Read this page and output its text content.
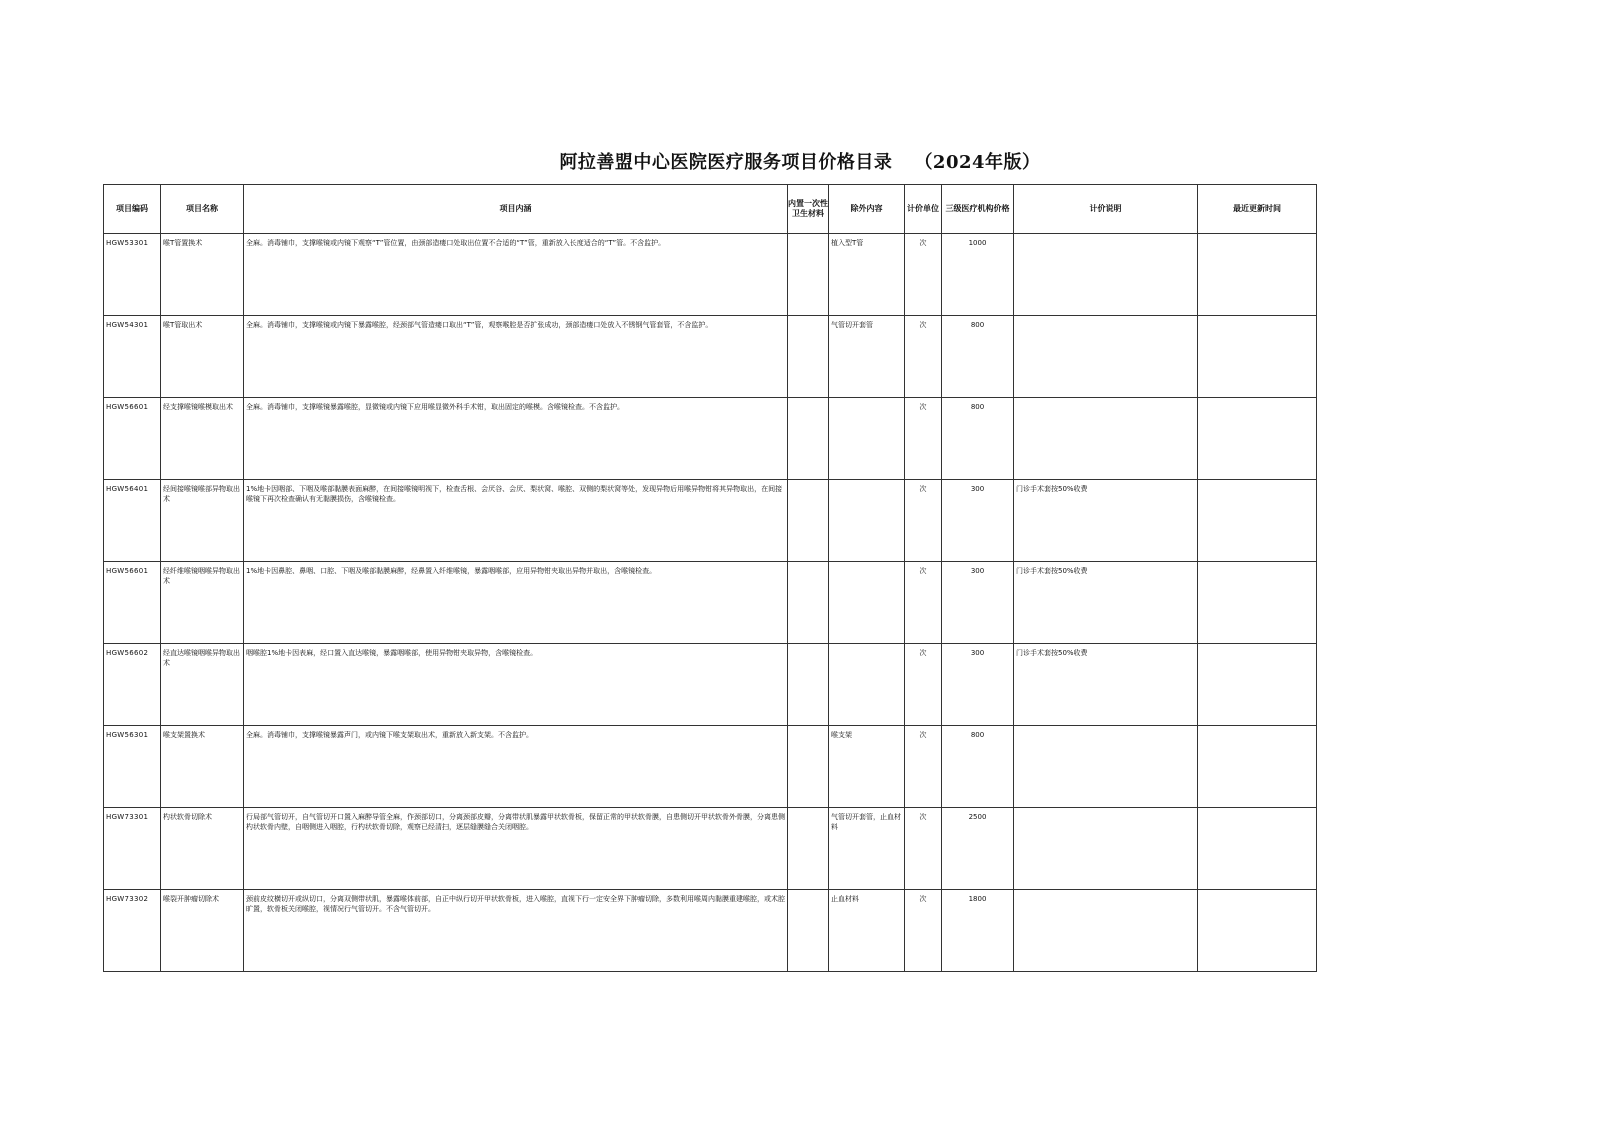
阿拉善盟中心医院医疗服务项目价格目录 （2024年版）
项目编码	项目名称	项目内涵	内置一次性卫生材料	除外内容	计价单位	三级医疗机构价格	计价说明	最近更新时间
HGW53301	喉T管置换术	全麻。消毒铺巾，支撑喉镜或内镜下观察“T”管位置，由颈部造瘘口处取出位置不合适的“T”管，重新放入长度适合的“T”管。不含监护。		植入型T管	次	1000		
HGW54301	喉T管取出术	全麻。消毒铺巾，支撑喉镜或内镜下暴露喉腔，经颈部气管造瘘口取出“T”管，观察喉腔是否扩张成功，颈部造瘘口处放入不锈钢气管套管，不含监护。		气管切开套管	次	800		
HGW56601	经支撑喉镜喉模取出术	全麻。消毒铺巾，支撑喉镜暴露喉腔，显微镜或内镜下应用喉显微外科手术钳，取出固定的喉模。含喉镜检查。不含监护。			次	800		
HGW56401	经间接喉镜喉部异物取出术	1%地卡因咽部、下咽及喉部黏膜表面麻醉，在间接喉镜明视下，检查舌根、会厌谷、会厌、梨状窝、喉腔、双侧的梨状窝等处，发现异物后用喉异物钳将其异物取出，在间接喉镜下再次检查确认有无黏膜损伤，含喉镜检查。			次	300	门诊手术套按50%收费	
HGW56601	经纤维喉镜咽喉异物取出术	1%地卡因鼻腔、鼻咽、口腔、下咽及喉部黏膜麻醉，经鼻置入纤维喉镜，暴露咽喉部，应用异物钳夹取出异物并取出，含喉镜检查。			次	300	门诊手术套按50%收费	
HGW56602	经直达喉镜咽喉异物取出术	咽喉腔1%地卡因表麻，经口置入直达喉镜，暴露咽喉部，使用异物钳夹取异物，含喉镜检查。			次	300	门诊手术套按50%收费	
HGW56301	喉支架置换术	全麻。消毒铺巾，支撑喉镜暴露声门，或内镜下喉支架取出术，重新放入新支架。不含监护。		喉支架	次	800		
HGW73301	杓状软骨切除术	行局部气管切开，自气管切开口置入麻醉导管全麻，作颈部切口，分离颈部皮瓣，分离带状肌暴露甲状软骨板，保留正常的甲状软骨膜，自患侧切开甲状软骨外骨膜，分离患侧杓状软骨内壁，自咽侧进入咽腔，行杓状软骨切除，观察已经清扫，逐层缝膜缝合关闭咽腔。		气管切开套管，止血材料	次	2500		
HGW73302	喉裂开肿瘤切除术	颈前皮纹横切开或纵切口，分离双侧带状肌，暴露喉体前部，自正中纵行切开甲状软骨板，进入喉腔，直视下行一定安全界下肿瘤切除，多数利用喉周内黏膜重建喉腔，或术腔旷置，软骨板关闭喉腔，视情况行气管切开。不含气管切开。		止血材料	次	1800		
